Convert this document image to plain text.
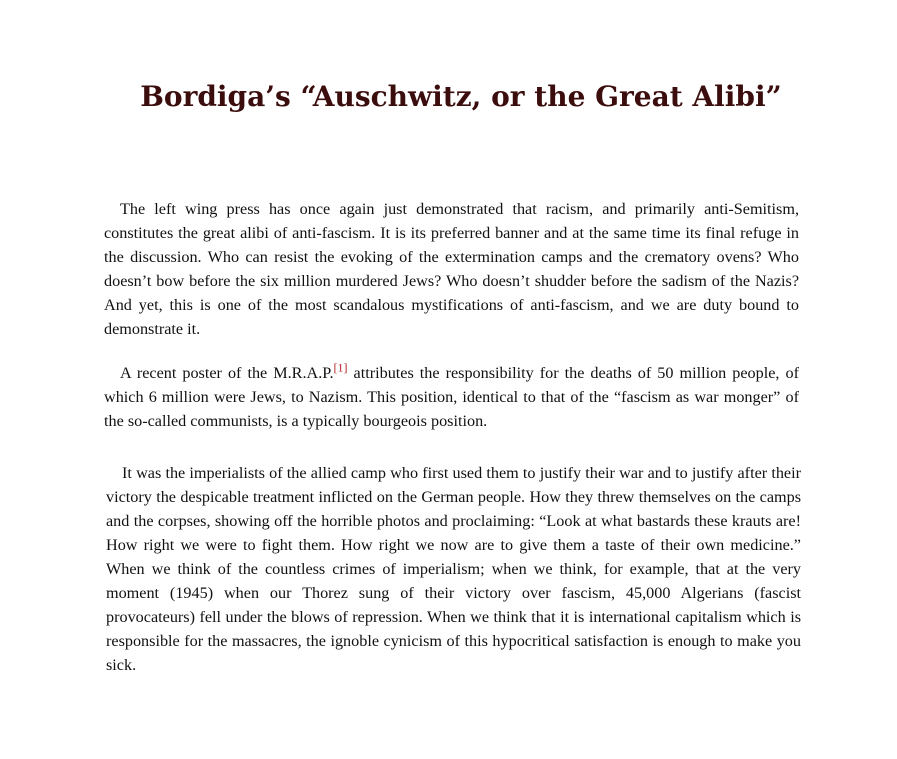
Bordiga’s “Auschwitz, or the Great Alibi”

The left wing press has once again just demonstrated that racism, and primarily anti-Semitism, constitutes the great alibi of anti-fascism. It is its preferred banner and at the same time its final refuge in the discussion. Who can resist the evoking of the extermination camps and the crematory ovens? Who doesn’t bow before the six million murdered Jews? Who doesn’t shudder before the sadism of the Nazis? And yet, this is one of the most scandalous mystifications of anti-fascism, and we are duty bound to demonstrate it.

A recent poster of the M.R.A.P.[1] attributes the responsibility for the deaths of 50 million people, of which 6 million were Jews, to Nazism. This position, identical to that of the “fascism as war monger” of the so-called communists, is a typically bourgeois position.

It was the imperialists of the allied camp who first used them to justify their war and to justify after their victory the despicable treatment inflicted on the German people. How they threw themselves on the camps and the corpses, showing off the horrible photos and proclaiming: “Look at what bastards these krauts are! How right we were to fight them. How right we now are to give them a taste of their own medicine.” When we think of the countless crimes of imperialism; when we think, for example, that at the very moment (1945) when our Thorez sung of their victory over fascism, 45,000 Algerians (fascist provocateurs) fell under the blows of repression. When we think that it is international capitalism which is responsible for the massacres, the ignoble cynicism of this hypocritical satisfaction is enough to make you sick.
